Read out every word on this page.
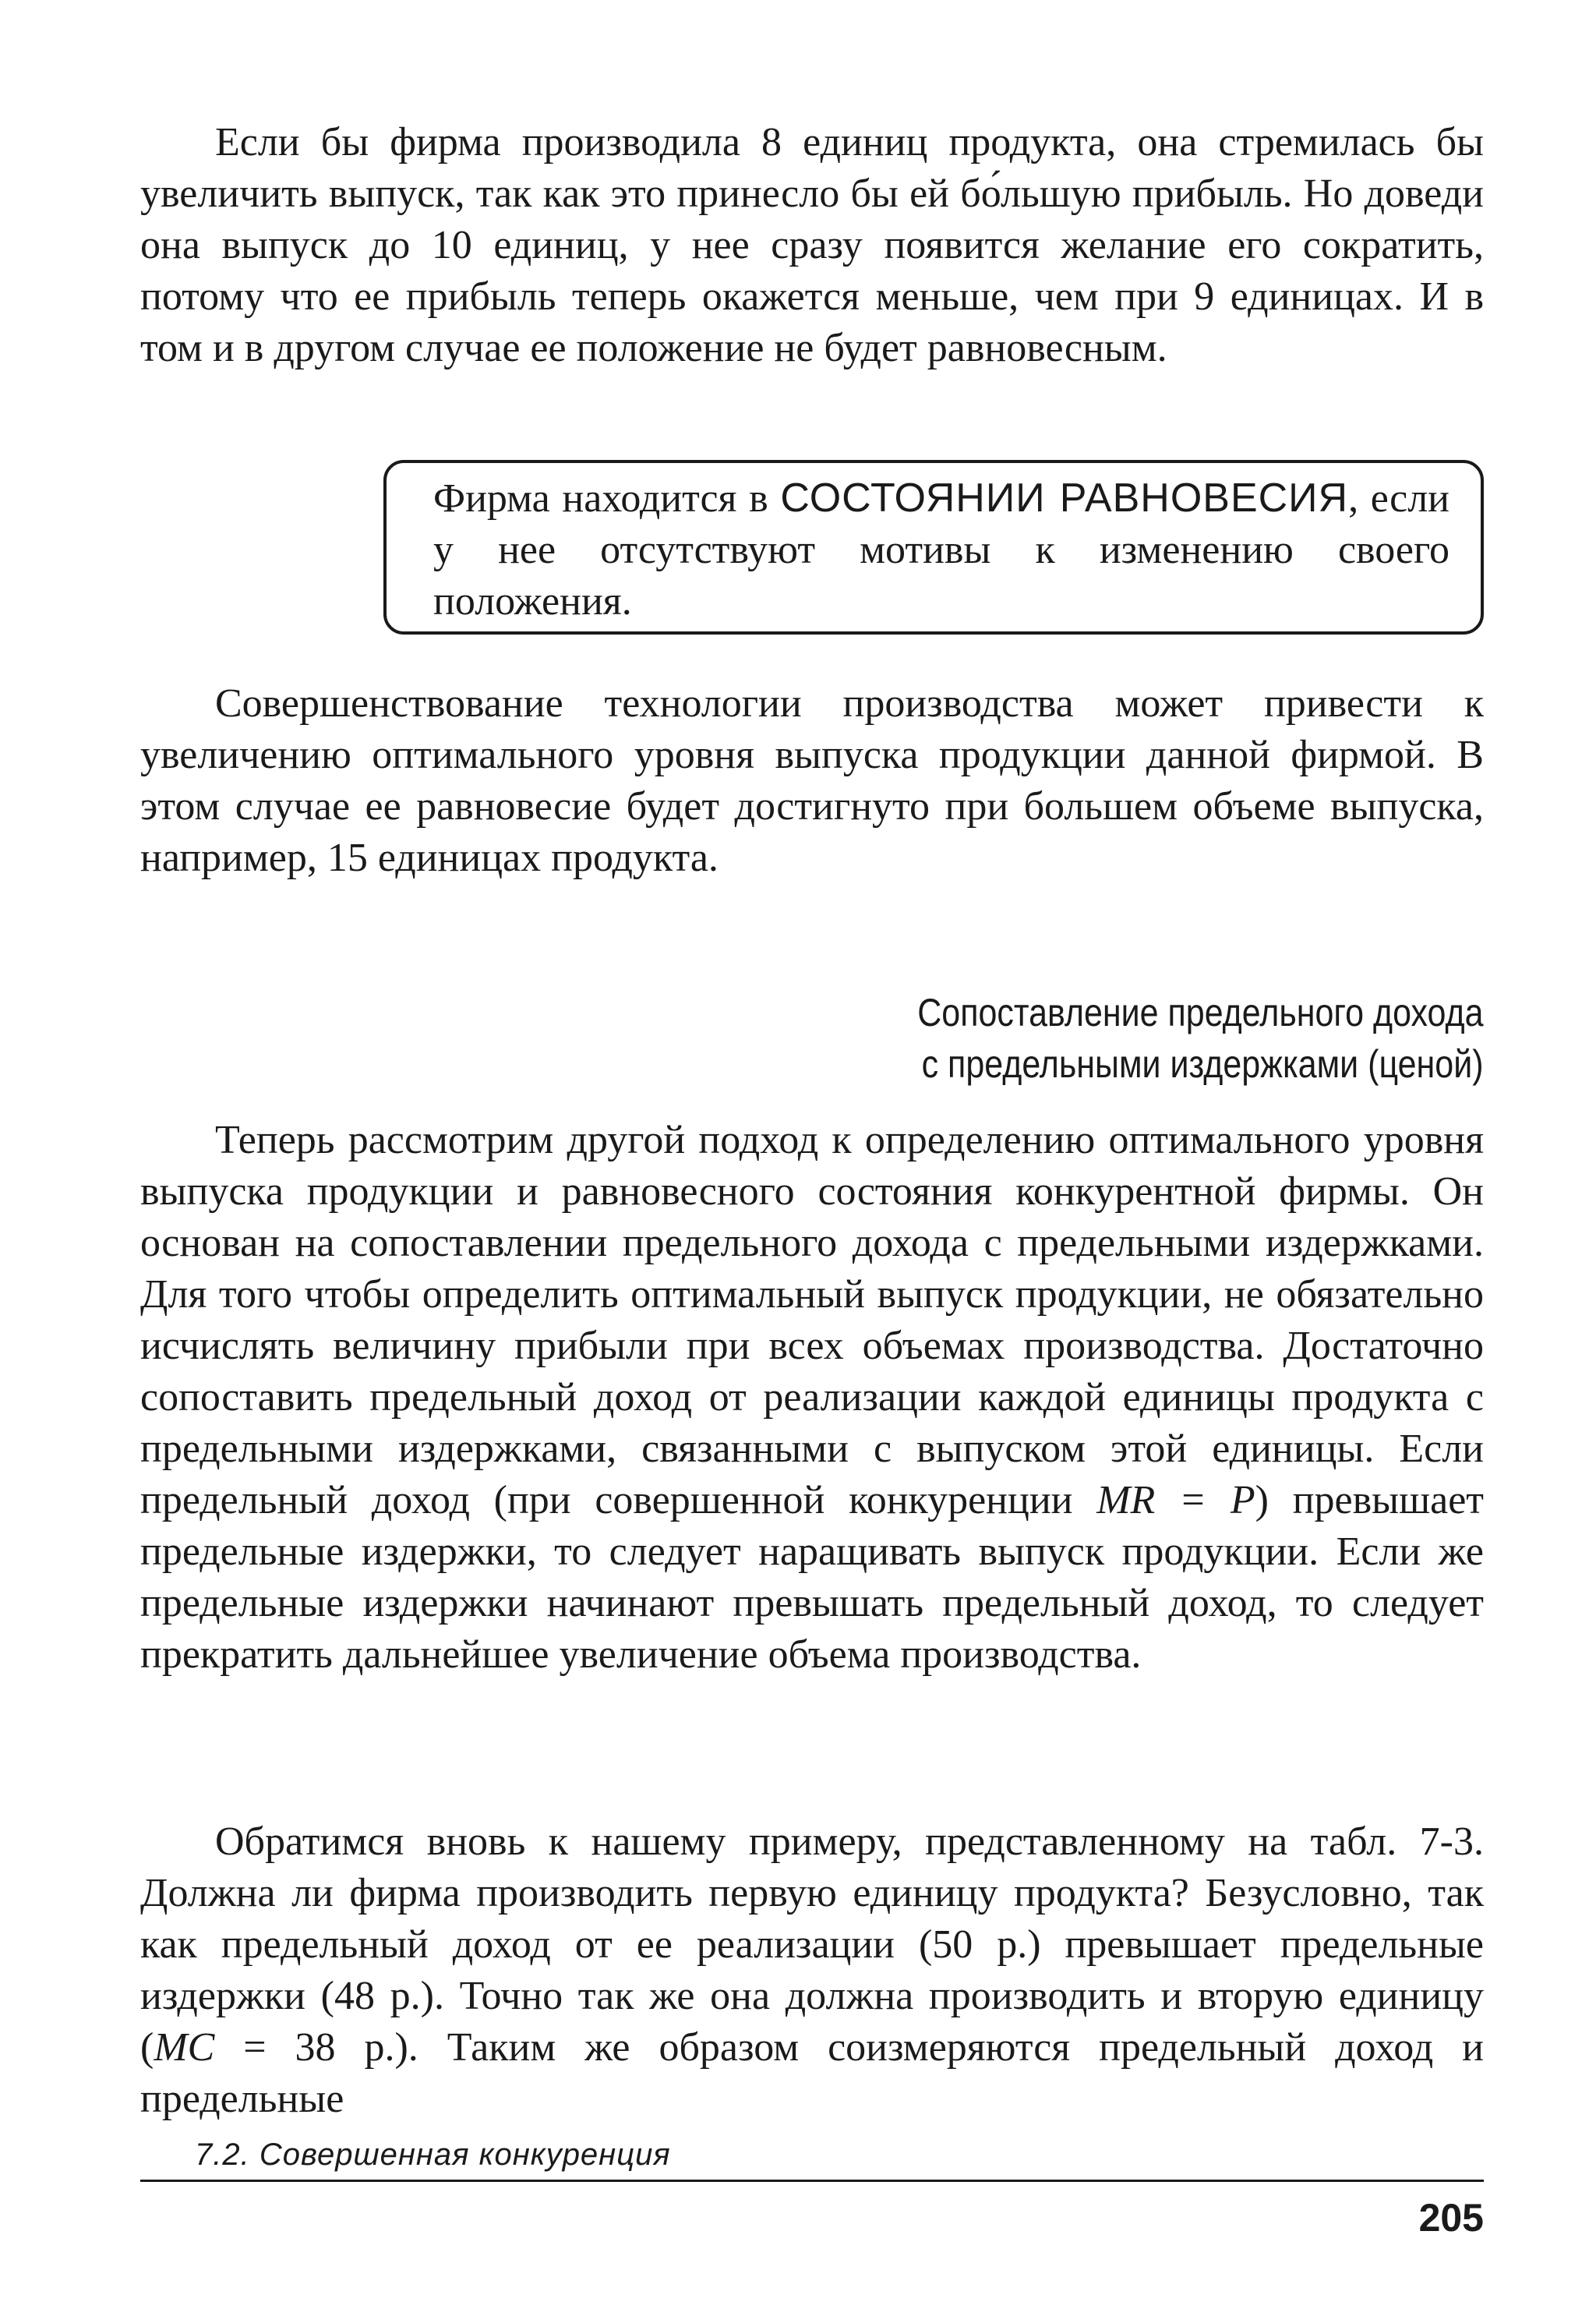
Если бы фирма производила 8 единиц продукта, она стремилась бы увеличить выпуск, так как это принесло бы ей бо́льшую прибыль. Но доведи она выпуск до 10 единиц, у нее сразу появится желание его сократить, потому что ее прибыль теперь окажется меньше, чем при 9 единицах. И в том и в другом случае ее положение не будет равновесным.

Фирма находится в СОСТОЯНИИ РАВНОВЕСИЯ, если у нее отсутствуют мотивы к изменению своего положения.

Совершенствование технологии производства может привести к увеличению оптимального уровня выпуска продукции данной фирмой. В этом случае ее равновесие будет достигнуто при большем объеме выпуска, например, 15 единицах продукта.

Сопоставление предельного дохода
с предельными издержками (ценой)

Теперь рассмотрим другой подход к определению оптимального уровня выпуска продукции и равновесного состояния конкурентной фирмы. Он основан на сопоставлении предельного дохода с предельными издержками. Для того чтобы определить оптимальный выпуск продукции, не обязательно исчислять величину прибыли при всех объемах производства. Достаточно сопоставить предельный доход от реализации каждой единицы продукта с предельными издержками, связанными с выпуском этой единицы. Если предельный доход (при совершенной конкуренции MR = P) превышает предельные издержки, то следует наращивать выпуск продукции. Если же предельные издержки начинают превышать предельный доход, то следует прекратить дальнейшее увеличение объема производства.

Обратимся вновь к нашему примеру, представленному на табл. 7-3. Должна ли фирма производить первую единицу продукта? Безусловно, так как предельный доход от ее реализации (50 р.) превышает предельные издержки (48 р.). Точно так же она должна производить и вторую единицу (MC = 38 р.). Таким же образом соизмеряются предельный доход и предельные

7.2. Совершенная конкуренция
205
